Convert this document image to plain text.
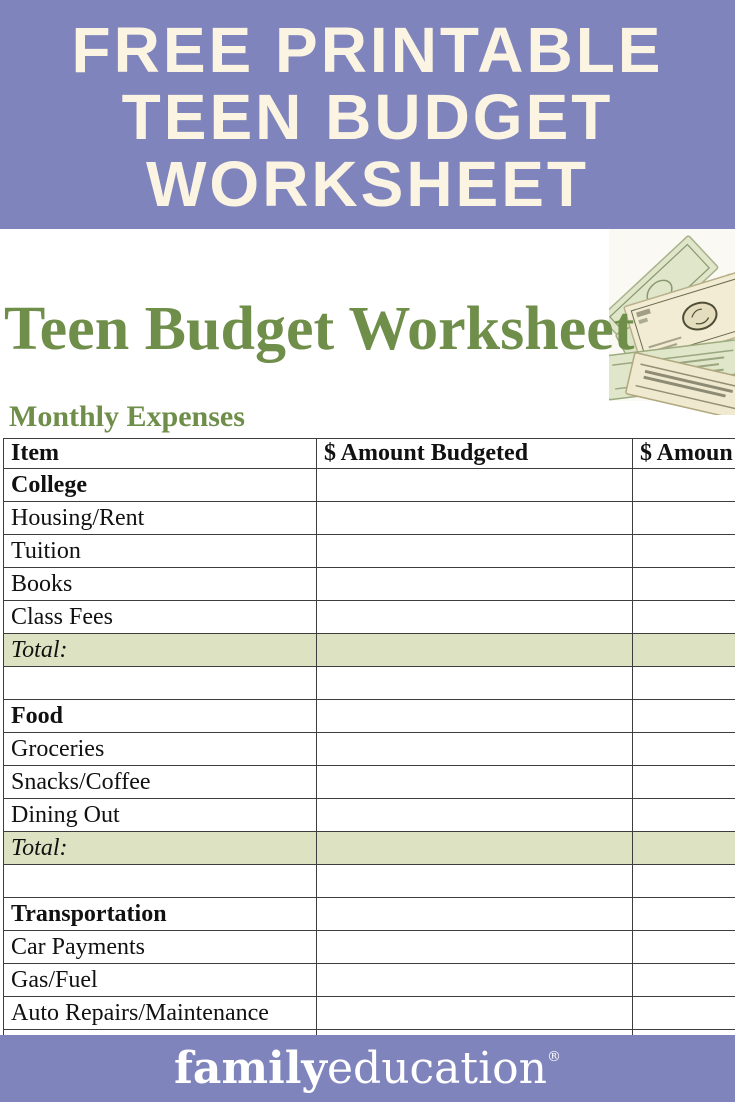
FREE PRINTABLE
TEEN BUDGET
WORKSHEET
Teen Budget Worksheet
Monthly Expenses
Item	$ Amount Budgeted	$ Amoun
College		
Housing/Rent		
Tuition		
Books		
Class Fees		
Total:		

Food		
Groceries		
Snacks/Coffee		
Dining Out		
Total:		

Transportation		
Car Payments		
Gas/Fuel		
Auto Repairs/Maintenance		

familyeducation®
